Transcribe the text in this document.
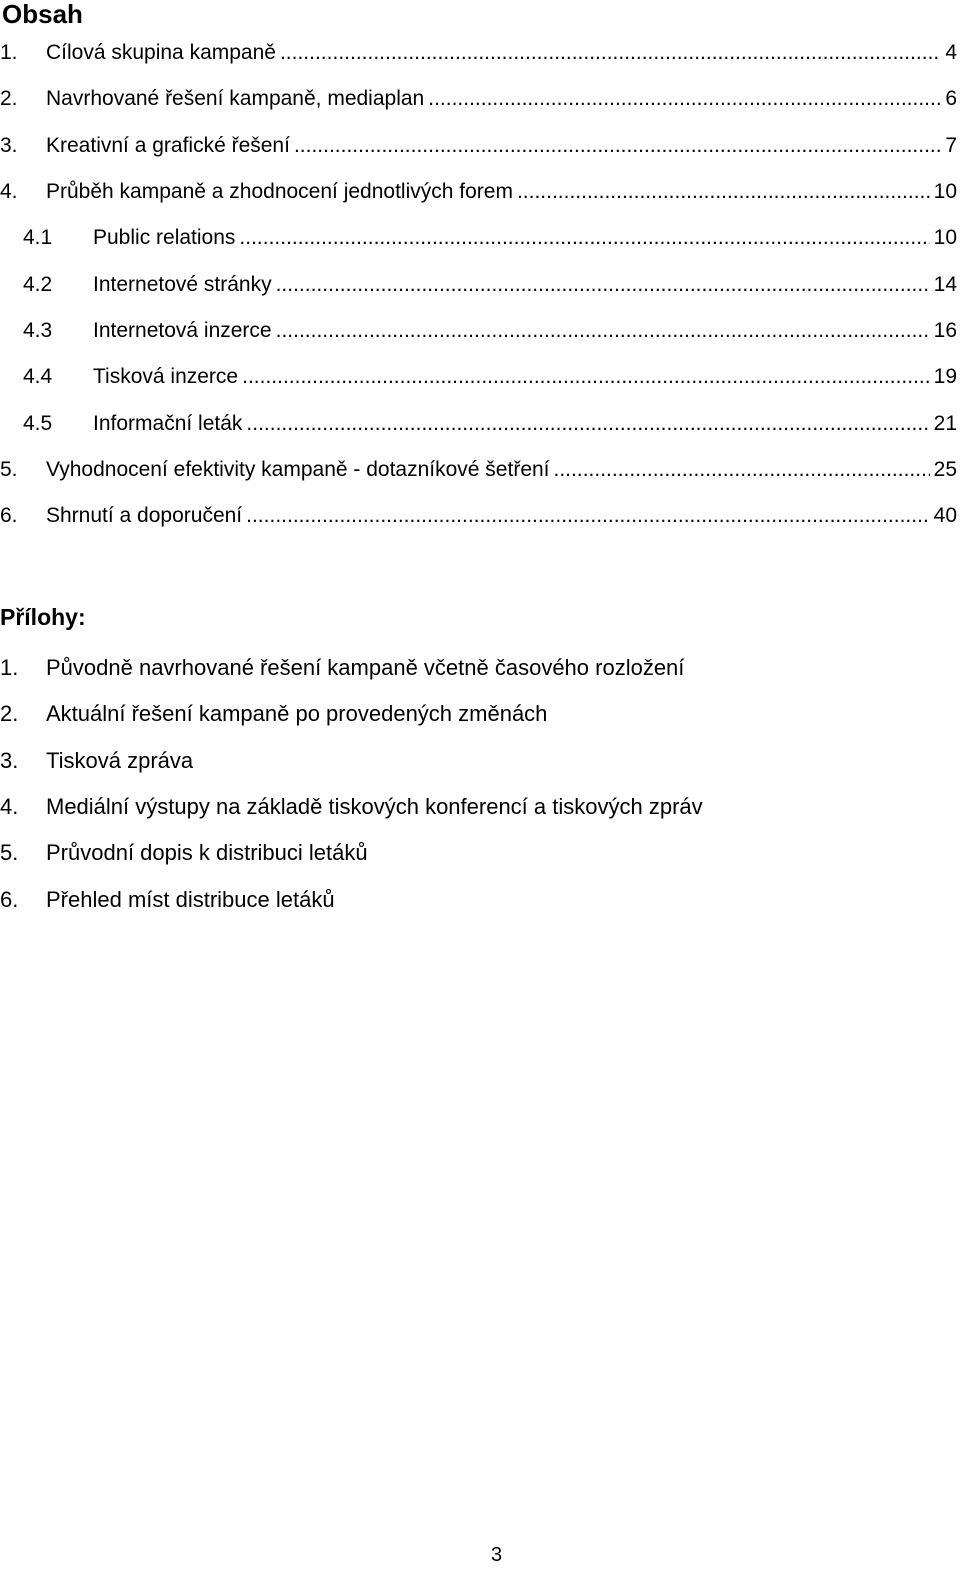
Obsah
1.	Cílová skupina kampaně .....	4
2.	Navrhované řešení kampaně, mediaplan .....	6
3.	Kreativní a grafické řešení .....	7
4.	Průběh kampaně a zhodnocení jednotlivých forem .....	10
4.1	Public relations .....	10
4.2	Internetové stránky .....	14
4.3	Internetová inzerce .....	16
4.4	Tisková inzerce .....	19
4.5	Informační leták .....	21
5.	Vyhodnocení efektivity kampaně - dotazníkové šetření .....	25
6.	Shrnutí a doporučení .....	40
Přílohy:
1.	Původně navrhované řešení kampaně včetně časového rozložení
2.	Aktuální řešení kampaně po provedených změnách
3.	Tisková zpráva
4.	Mediální výstupy na základě tiskových konferencí a tiskových zpráv
5.	Průvodní dopis k distribuci letáků
6.	Přehled míst distribuce letáků
3
